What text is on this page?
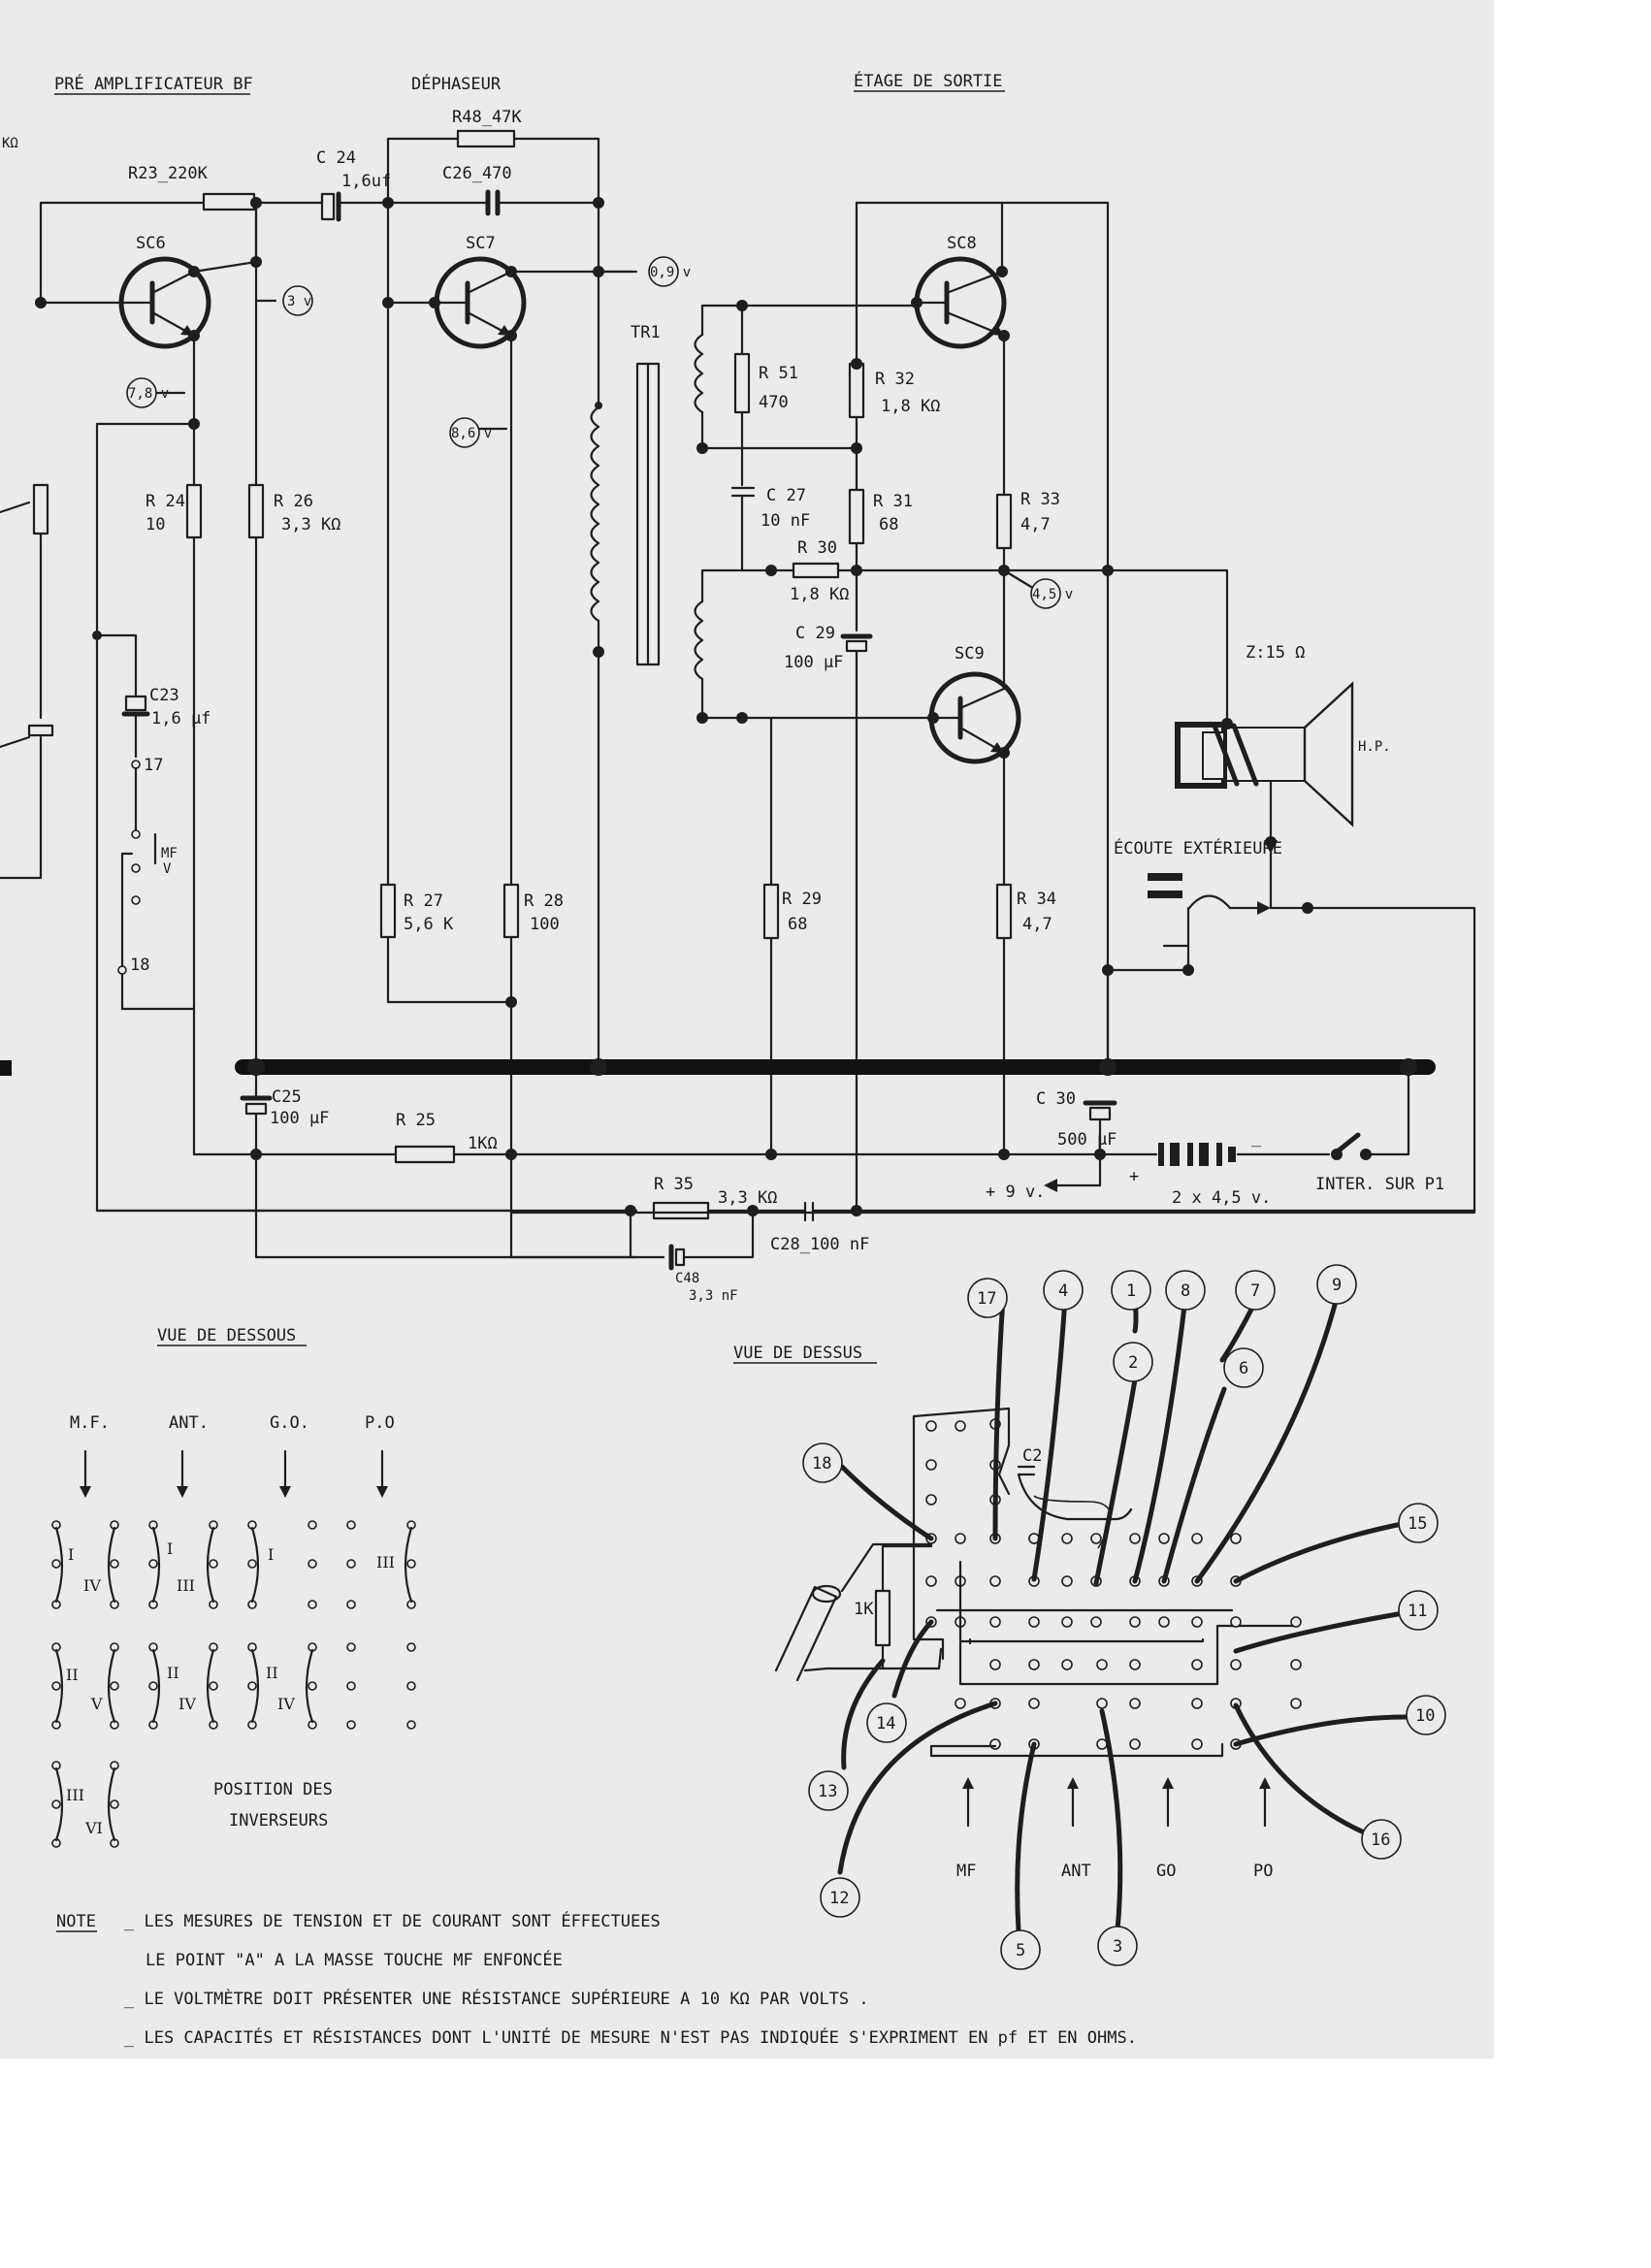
PRÉ AMPLIFICATEUR BF	DÉPHASEUR	ÉTAGE DE SORTIE
KΩ
R23_220K
C 24
1,6uf
R48_47K
C26_470
SC6	SC7	SC8
SC9
TR1
R 24
10
R 26
3,3 KΩ
R 27
5,6 K
R 28
100
R 51
470
R 32
1,8 KΩ
C 27
10 nF
R 31
68
R 30
1,8 KΩ
R 33
4,7
C 29
100 μF
R 29
68
R 34
4,7
C23
1,6 μf
17
18
MF
V
C25
100 μF	R 25
1KΩ
R 35
3,3 KΩ
C48
3,3 nF
C28_100 nF
C 30
500 μF
Z:15 Ω
H.P.
ÉCOUTE EXTÉRIEURE
+ 9 v.	2 x 4,5 v.
INTER. SUR P1
+
_
3 v
7,8 v
0,9 v
8,6 v
4,5 v
VUE DE DESSOUS
M.F.	ANT.	G.O.	P.O
I
IV
I
III
I	III
II
V
II
IV
II
IV
III
VI
POSITION DES
INVERSEURS
VUE DE DESSUS
C2
1K
MF	ANT	GO	PO
17	4	1
2
8	7
6
9
18
15
11
10
16
14
13
12
5	3
NOTE _ LES MESURES DE TENSION ET DE COURANT SONT ÉFFECTUEES
LE POINT "A" A LA MASSE TOUCHE MF ENFONCÉE
_ LE VOLTMÈTRE DOIT PRÉSENTER UNE RÉSISTANCE SUPÉRIEURE A 10 KΩ PAR VOLTS .
_ LES CAPACITÉS ET RÉSISTANCES DONT L'UNITÉ DE MESURE N'EST PAS INDIQUÉE S'EXPRIMENT EN pf ET EN OHMS.
